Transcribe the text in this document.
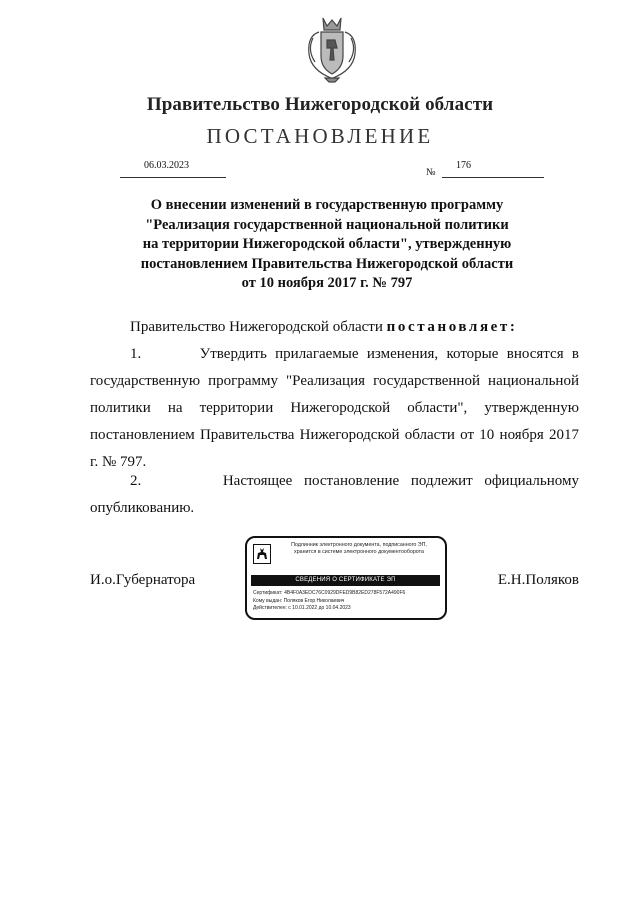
Правительство Нижегородской области
ПОСТАНОВЛЕНИЕ
06.03.2023
№
176
О внесении изменений в государственную программу
"Реализация государственной национальной политики
на территории Нижегородской области", утвержденную
постановлением Правительства Нижегородской области
от 10 ноября 2017 г. № 797
Правительство Нижегородской области постановляет:
1.	Утвердить прилагаемые изменения, которые вносятся в государственную программу "Реализация государственной национальной политики на территории Нижегородской области", утвержденную постановлением Правительства Нижегородской области от 10 ноября 2017 г. № 797.
2.	Настоящее постановление подлежит официальному опубликованию.
И.о.Губернатора	Е.Н.Поляков
Подлинник электронного документа, подписанного ЭП,
хранится в системе электронного документооборота
СВЕДЕНИЯ О СЕРТИФИКАТЕ ЭП
Сертификат: 4B4F0A3EDC76C0929DFED9B82ED278F572A490F6
Кому выдан: Поляков Егор Николаевич
Действителен: с 10.01.2022 до 10.04.2023
